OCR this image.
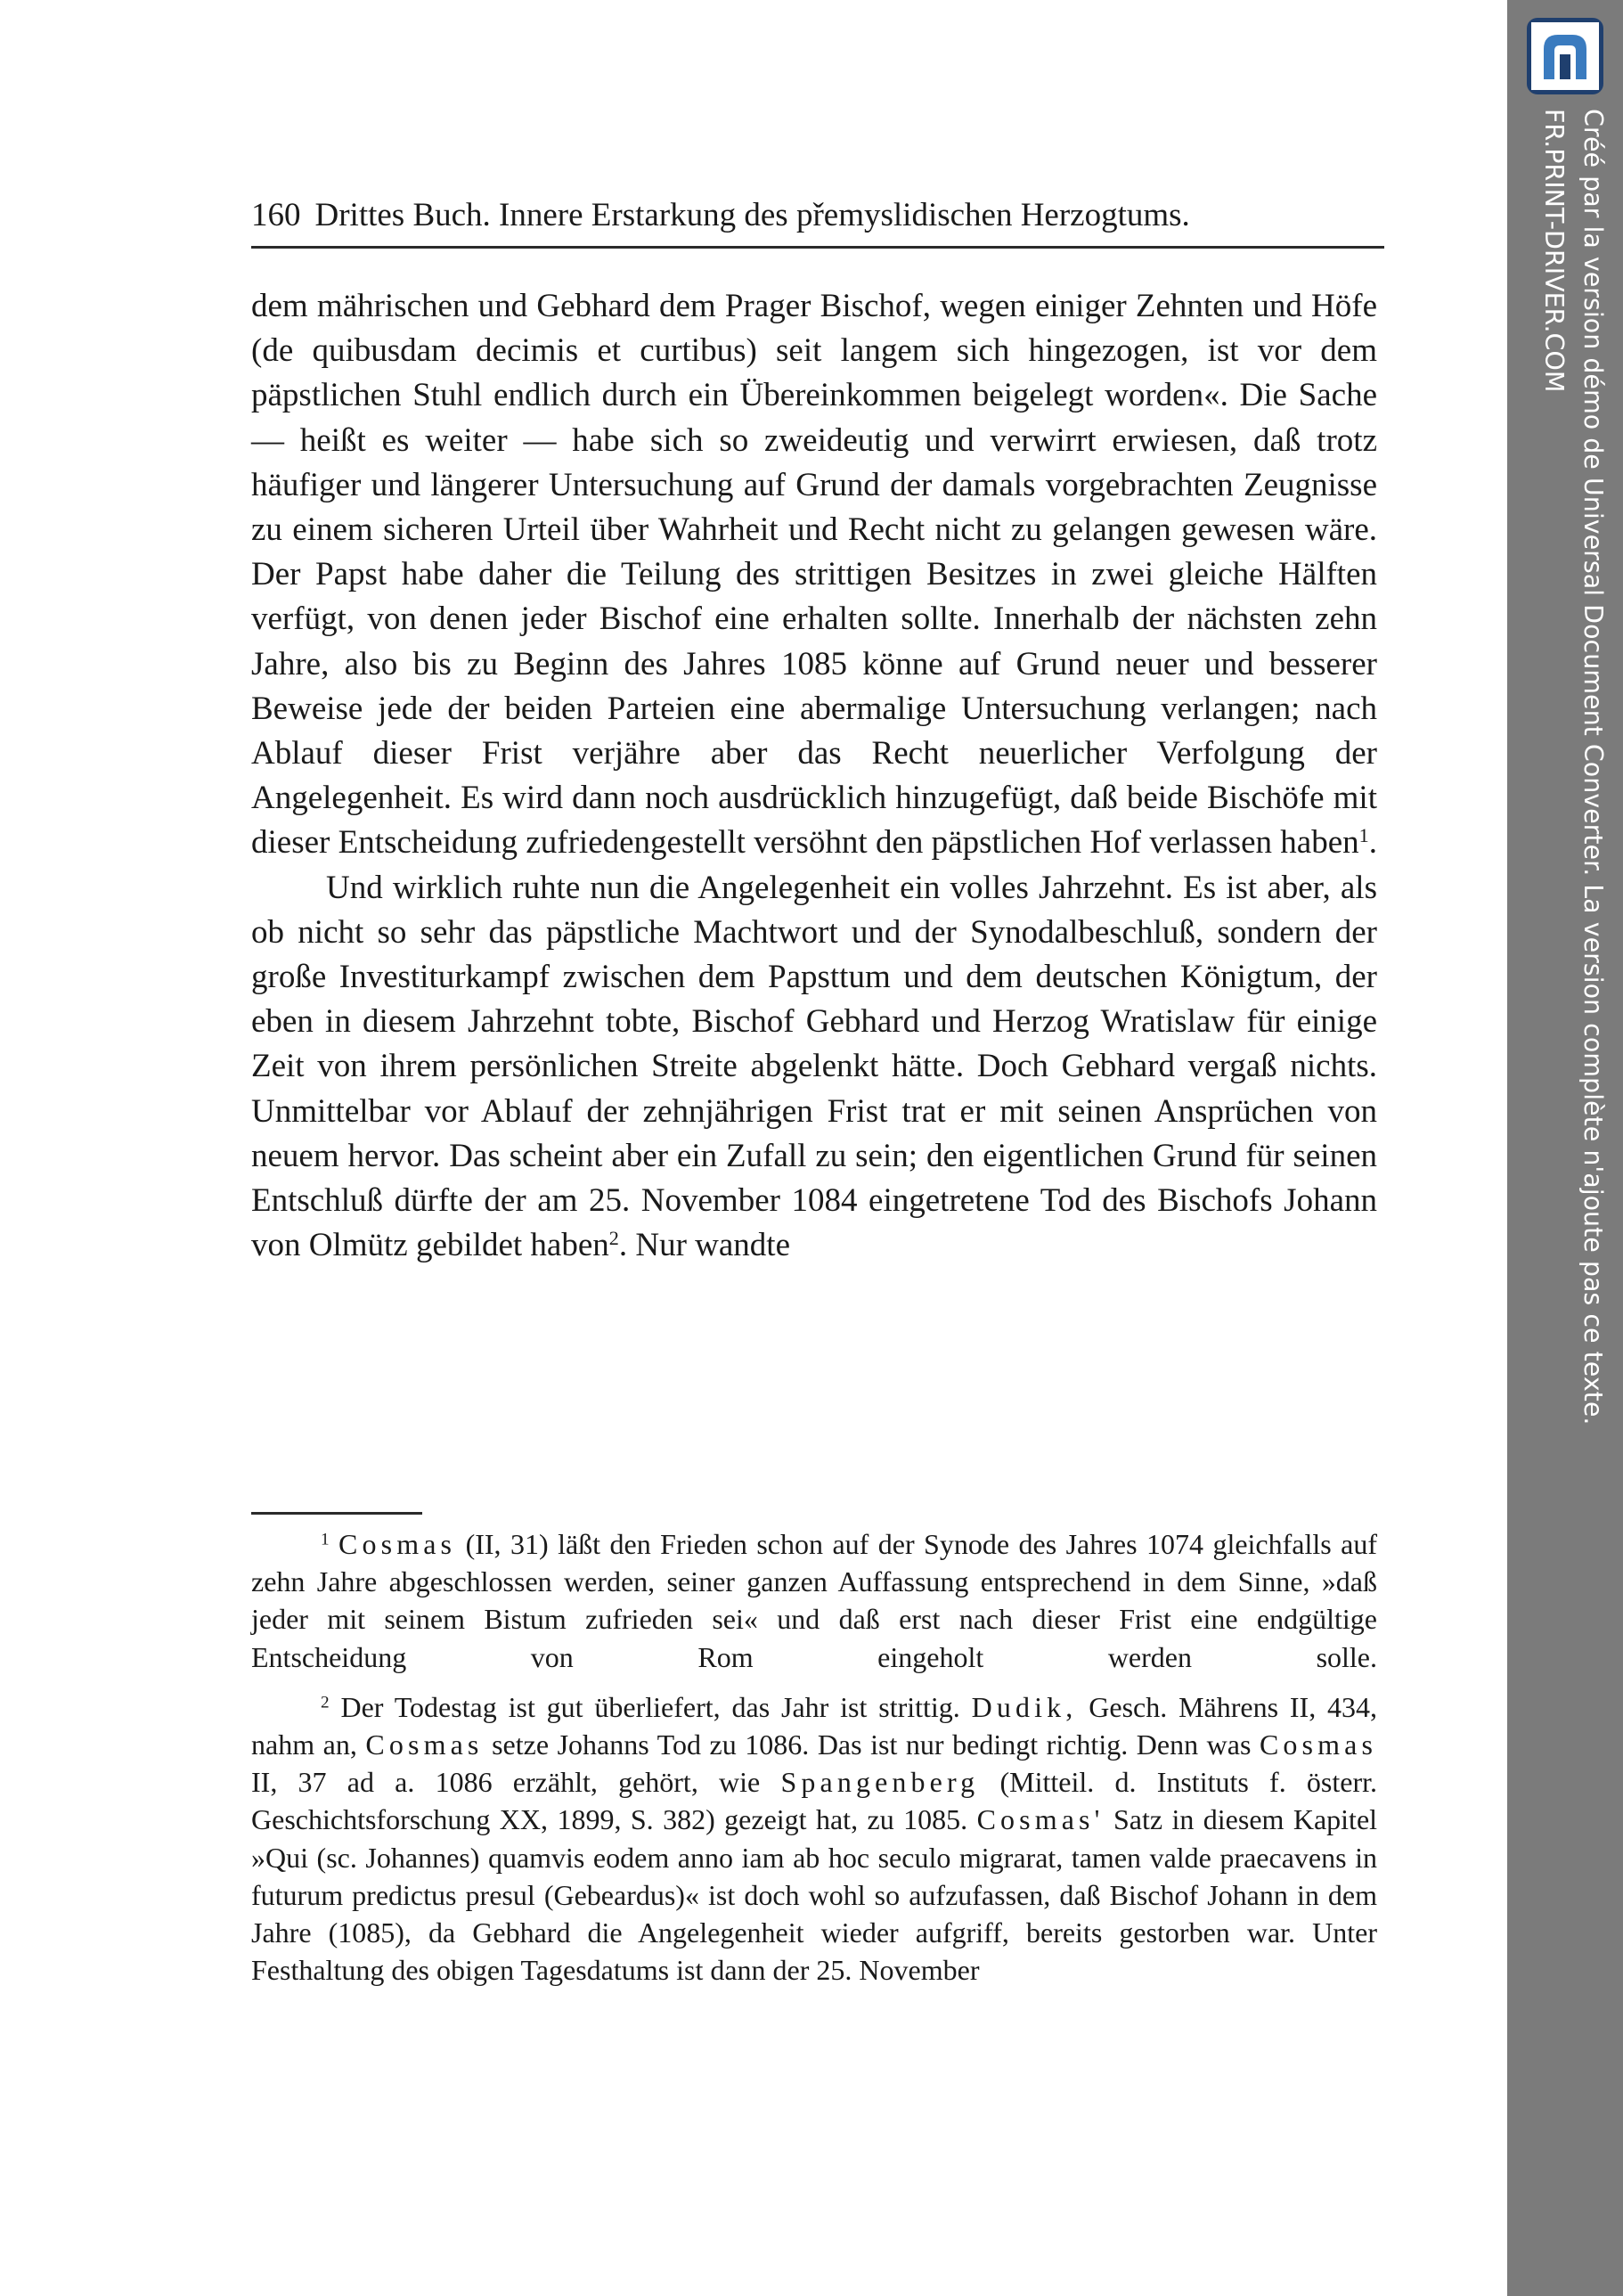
160 Drittes Buch. Innere Erstarkung des přemyslidischen Herzogtums.

dem mährischen und Gebhard dem Prager Bischof, wegen einiger Zehnten und Höfe (de quibusdam decimis et curtibus) seit langem sich hingezogen, ist vor dem päpstlichen Stuhl endlich durch ein Übereinkommen beigelegt worden«. Die Sache — heißt es weiter — habe sich so zweideutig und verwirrt erwiesen, daß trotz häufiger und längerer Untersuchung auf Grund der damals vorgebrachten Zeugnisse zu einem sicheren Urteil über Wahrheit und Recht nicht zu gelangen gewesen wäre. Der Papst habe daher die Teilung des strittigen Besitzes in zwei gleiche Hälften verfügt, von denen jeder Bischof eine erhalten sollte. Innerhalb der nächsten zehn Jahre, also bis zu Beginn des Jahres 1085 könne auf Grund neuer und besserer Beweise jede der beiden Parteien eine abermalige Untersuchung verlangen; nach Ablauf dieser Frist verjähre aber das Recht neuerlicher Verfolgung der Angelegenheit. Es wird dann noch ausdrücklich hinzugefügt, daß beide Bischöfe mit dieser Entscheidung zufriedengestellt versöhnt den päpstlichen Hof verlassen haben$^1$.

Und wirklich ruhte nun die Angelegenheit ein volles Jahrzehnt. Es ist aber, als ob nicht so sehr das päpstliche Machtwort und der Synodalbeschluß, sondern der große Investiturkampf zwischen dem Papsttum und dem deutschen Königtum, der eben in diesem Jahrzehnt tobte, Bischof Gebhard und Herzog Wratislaw für einige Zeit von ihrem persönlichen Streite abgelenkt hätte. Doch Gebhard vergaß nichts. Unmittelbar vor Ablauf der zehnjährigen Frist trat er mit seinen Ansprüchen von neuem hervor. Das scheint aber ein Zufall zu sein; den eigentlichen Grund für seinen Entschluß dürfte der am 25. November 1084 eingetretene Tod des Bischofs Johann von Olmütz gebildet haben$^2$. Nur wandte

$^1$ Cosmas (II, 31) läßt den Frieden schon auf der Synode des Jahres 1074 gleichfalls auf zehn Jahre abgeschlossen werden, seiner ganzen Auffassung entsprechend in dem Sinne, »daß jeder mit seinem Bistum zufrieden sei« und daß erst nach dieser Frist eine endgültige Entscheidung von Rom eingeholt werden solle.

$^2$ Der Todestag ist gut überliefert, das Jahr ist strittig. Dudik, Gesch. Mährens II, 434, nahm an, Cosmas setze Johanns Tod zu 1086. Das ist nur bedingt richtig. Denn was Cosmas II, 37 ad a. 1086 erzählt, gehört, wie Spangenberg (Mitteil. d. Instituts f. österr. Geschichtsforschung XX, 1899, S. 382) gezeigt hat, zu 1085. Cosmas' Satz in diesem Kapitel »Qui (sc. Johannes) quamvis eodem anno iam ab hoc seculo migrarat, tamen valde praecavens in futurum predictus presul (Gebeardus)« ist doch wohl so aufzufassen, daß Bischof Johann in dem Jahre (1085), da Gebhard die Angelegenheit wieder aufgriff, bereits gestorben war. Unter Festhaltung des obigen Tagesdatums ist dann der 25. November

Créé par la version démo de Universal Document Converter. La version complète n'ajoute pas ce texte.
FR.PRINT-DRIVER.COM
